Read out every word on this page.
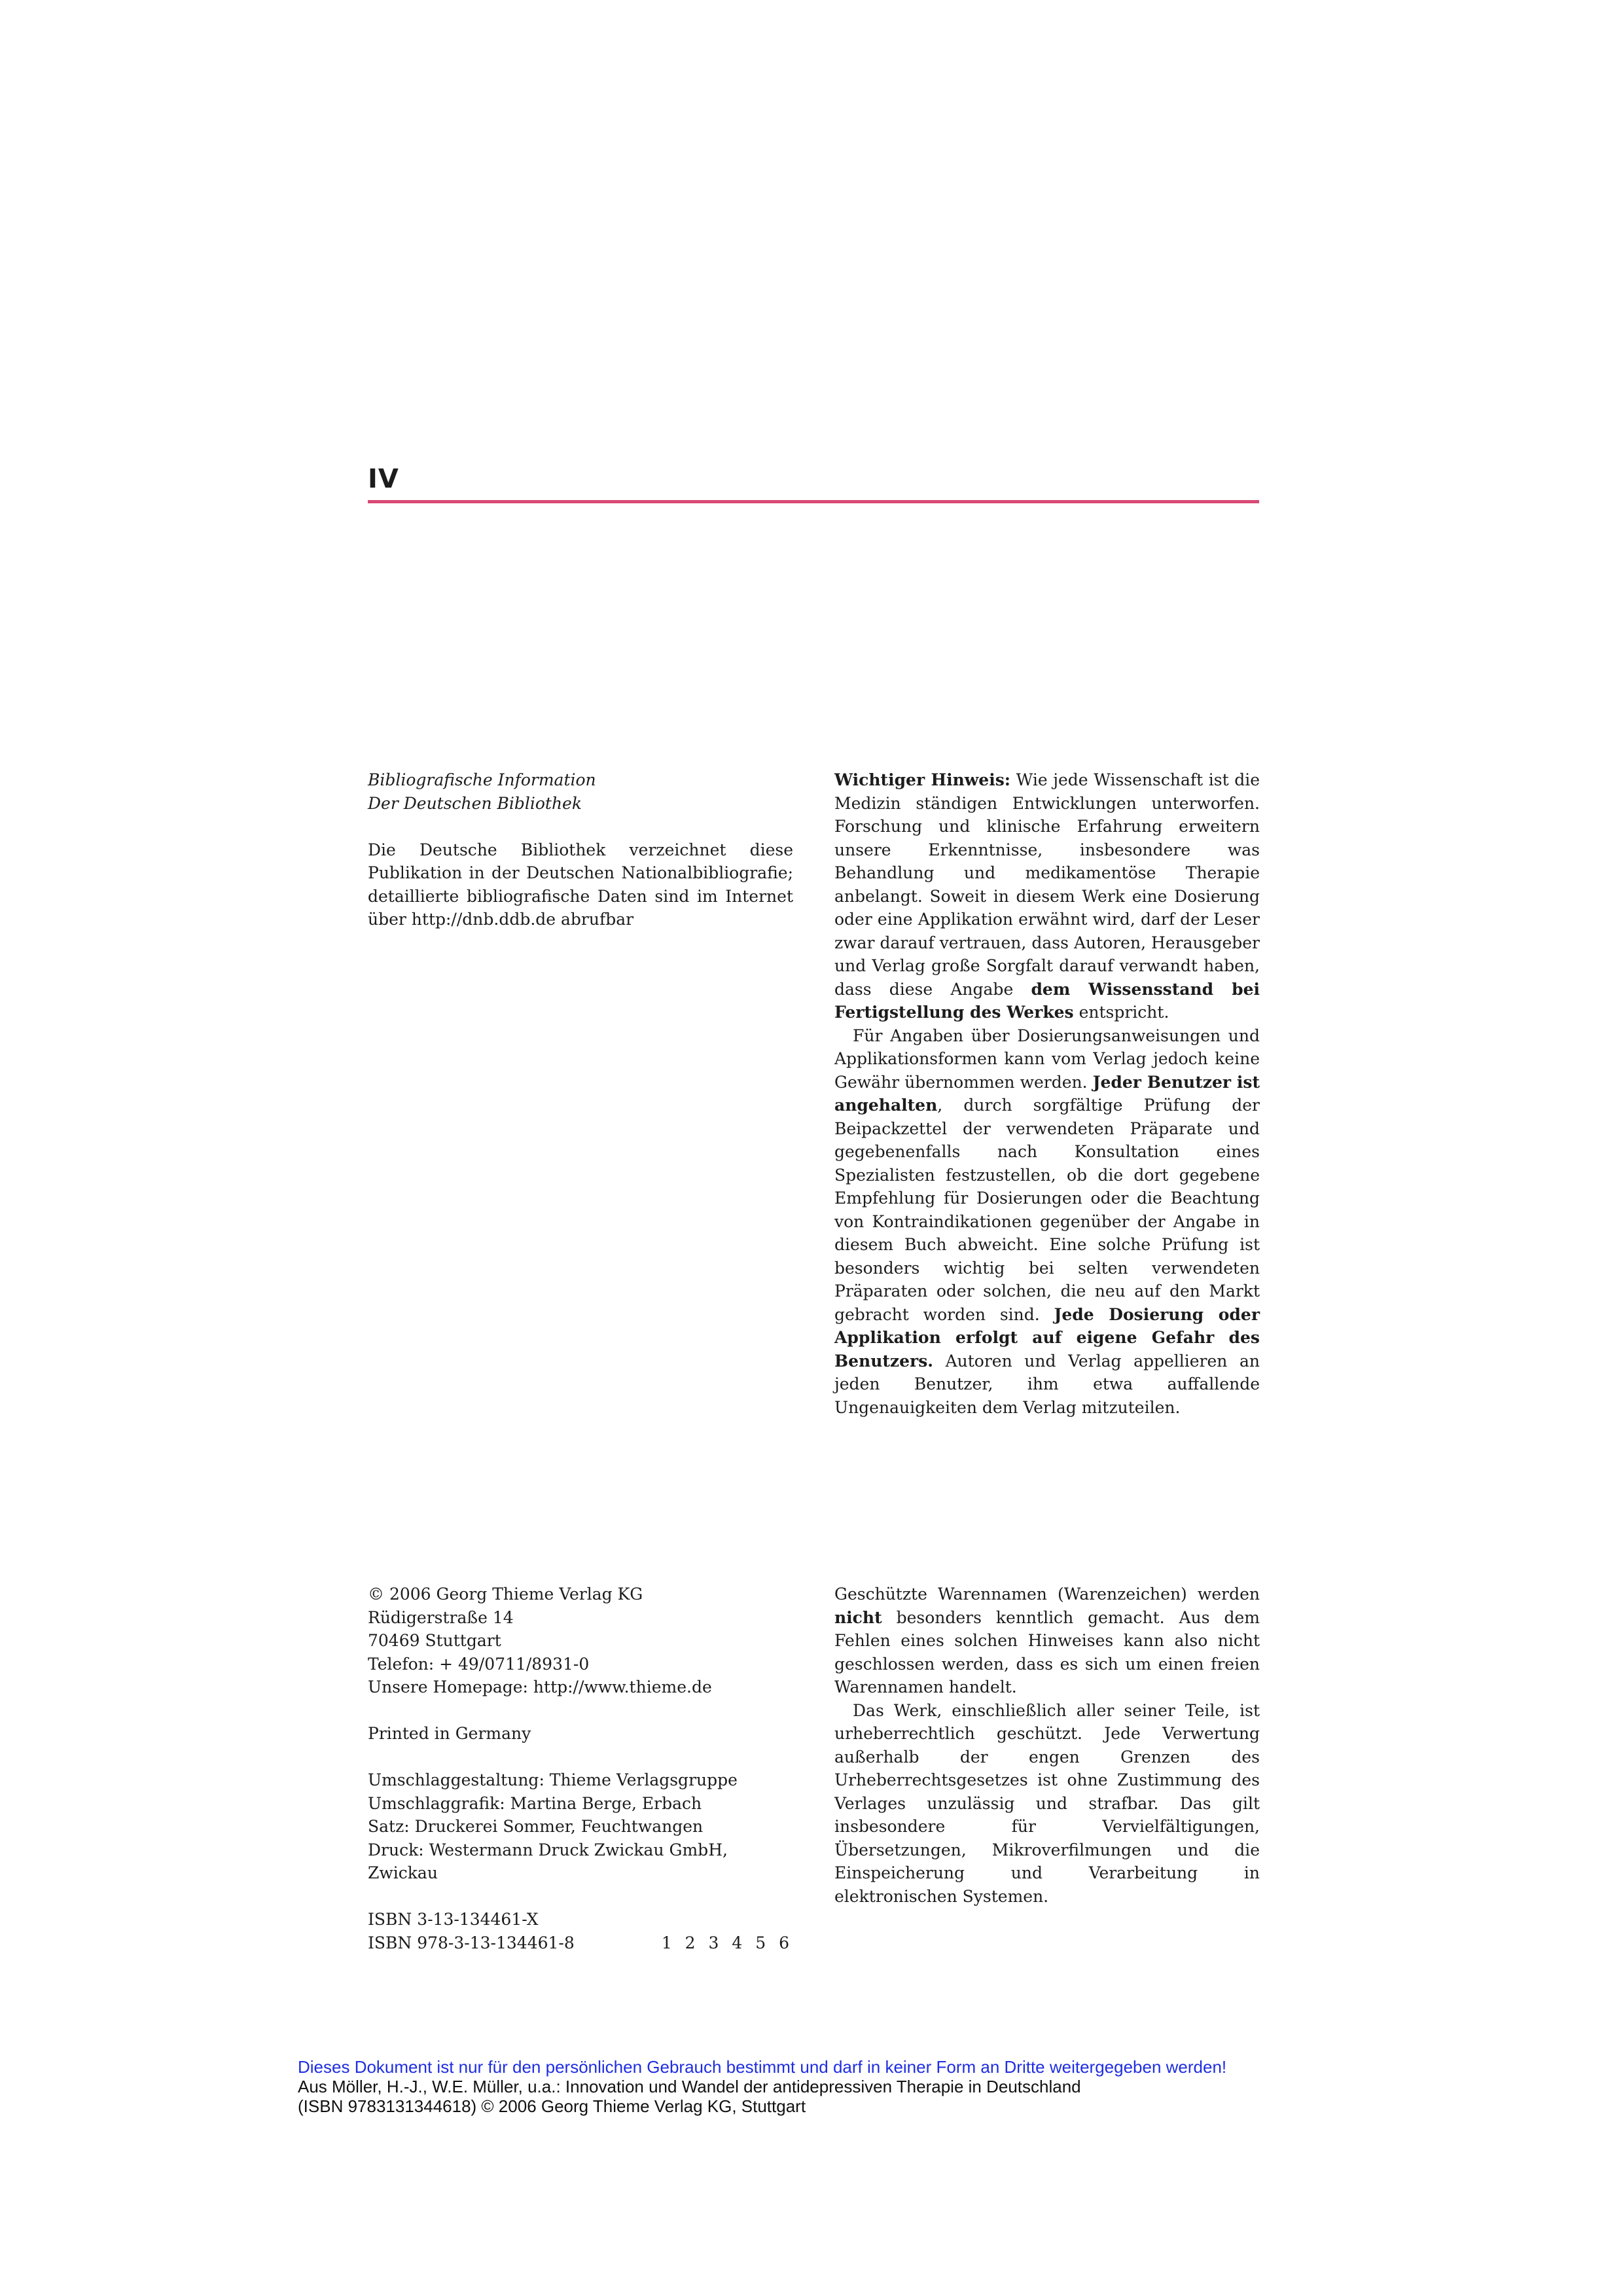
IV

Bibliografische Information

Der Deutschen Bibliothek

Die Deutsche Bibliothek verzeichnet diese Publikation in der Deutschen Nationalbibliografie; detaillierte bibliografische Daten sind im Internet über http://dnb.ddb.de abrufbar

Wichtiger Hinweis: Wie jede Wissenschaft ist die Medizin ständigen Entwicklungen unterworfen. Forschung und klinische Erfahrung erweitern unsere Erkenntnisse, insbesondere was Behandlung und medikamentöse Therapie anbelangt. Soweit in diesem Werk eine Dosierung oder eine Applikation erwähnt wird, darf der Leser zwar darauf vertrauen, dass Autoren, Herausgeber und Verlag große Sorgfalt darauf verwandt haben, dass diese Angabe dem Wissensstand bei Fertigstellung des Werkes entspricht.

Für Angaben über Dosierungsanweisungen und Applikationsformen kann vom Verlag jedoch keine Gewähr übernommen werden. Jeder Benutzer ist angehalten, durch sorgfältige Prüfung der Beipackzettel der verwendeten Präparate und gegebenenfalls nach Konsultation eines Spezialisten festzustellen, ob die dort gegebene Empfehlung für Dosierungen oder die Beachtung von Kontraindikationen gegenüber der Angabe in diesem Buch abweicht. Eine solche Prüfung ist besonders wichtig bei selten verwendeten Präparaten oder solchen, die neu auf den Markt gebracht worden sind. Jede Dosierung oder Applikation erfolgt auf eigene Gefahr des Benutzers. Autoren und Verlag appellieren an jeden Benutzer, ihm etwa auffallende Ungenauigkeiten dem Verlag mitzuteilen.

© 2006 Georg Thieme Verlag KG

Rüdigerstraße 14

70469 Stuttgart

Telefon: + 49/0711/8931-0

Unsere Homepage: http://www.thieme.de

Printed in Germany

Umschlaggestaltung: Thieme Verlagsgruppe

Umschlaggrafik: Martina Berge, Erbach

Satz: Druckerei Sommer, Feuchtwangen

Druck: Westermann Druck Zwickau GmbH, Zwickau

ISBN 3-13-134461-X

ISBN 978-3-13-134461-8	1 2 3 4 5 6

Geschützte Warennamen (Warenzeichen) werden nicht besonders kenntlich gemacht. Aus dem Fehlen eines solchen Hinweises kann also nicht geschlossen werden, dass es sich um einen freien Warennamen handelt.

Das Werk, einschließlich aller seiner Teile, ist urheberrechtlich geschützt. Jede Verwertung außerhalb der engen Grenzen des Urheberrechtsgesetzes ist ohne Zustimmung des Verlages unzulässig und strafbar. Das gilt insbesondere für Vervielfältigungen, Übersetzungen, Mikroverfilmungen und die Einspeicherung und Verarbeitung in elektronischen Systemen.

Dieses Dokument ist nur für den persönlichen Gebrauch bestimmt und darf in keiner Form an Dritte weitergegeben werden!

Aus Möller, H.-J., W.E. Müller, u.a.: Innovation und Wandel der antidepressiven Therapie in Deutschland

(ISBN 9783131344618) © 2006 Georg Thieme Verlag KG, Stuttgart
